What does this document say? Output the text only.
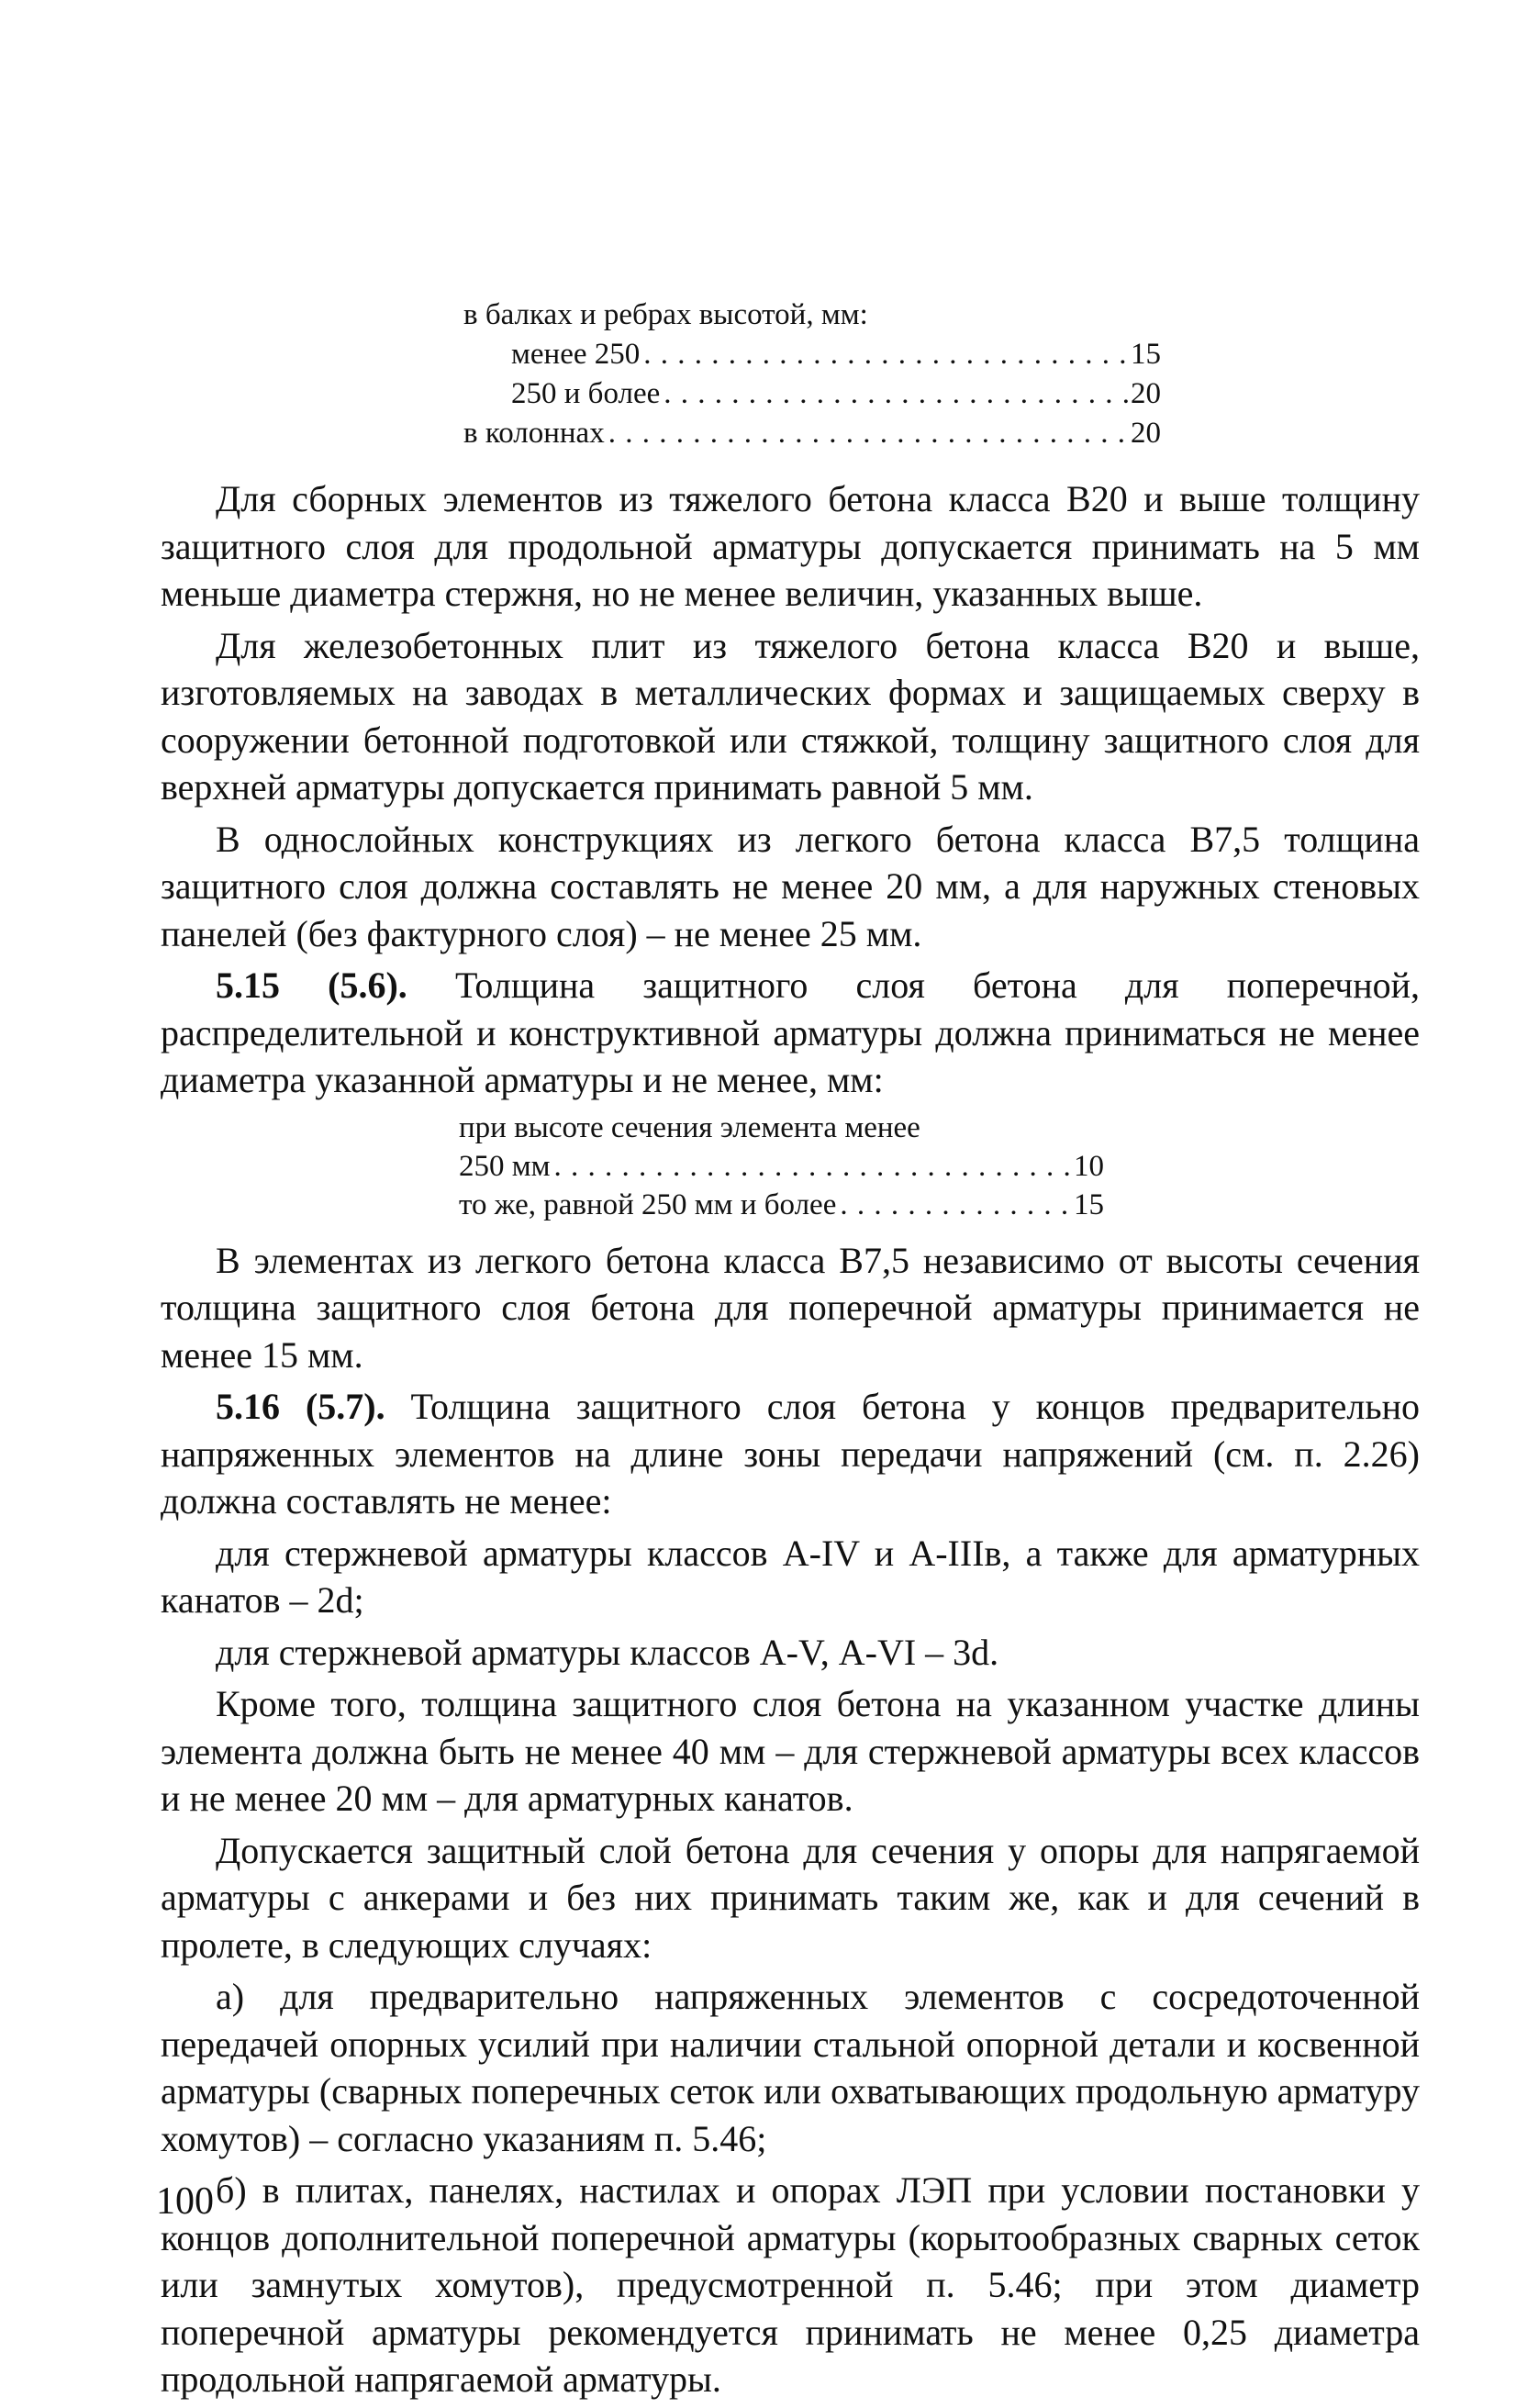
в балках и ребрах высотой, мм:
менее 250 . . .	15
250 и более . . .	20
в колоннах . . .	20

Для сборных элементов из тяжелого бетона класса В20 и выше толщину защитного слоя для продольной арматуры допускается принимать на 5 мм меньше диаметра стержня, но не менее величин, указанных выше.

Для железобетонных плит из тяжелого бетона класса В20 и выше, изготовляемых на заводах в металлических формах и защищаемых сверху в сооружении бетонной подготовкой или стяжкой, толщину защитного слоя для верхней арматуры допускается принимать равной 5 мм.

В однослойных конструкциях из легкого бетона класса В7,5 толщина защитного слоя должна составлять не менее 20 мм, а для наружных стеновых панелей (без фактурного слоя) – не менее 25 мм.

5.15 (5.6). Толщина защитного слоя бетона для поперечной, распределительной и конструктивной арматуры должна приниматься не менее диаметра указанной арматуры и не менее, мм:

при высоте сечения элемента менее
250 мм . . .	10
то же, равной 250 мм и более . . .	15

В элементах из легкого бетона класса В7,5 независимо от высоты сечения толщина защитного слоя бетона для поперечной арматуры принимается не менее 15 мм.

5.16 (5.7). Толщина защитного слоя бетона у концов предварительно напряженных элементов на длине зоны передачи напряжений (см. п. 2.26) должна составлять не менее:

для стержневой арматуры классов А-IV и А-IIIв, а также для арматурных канатов – 2d;

для стержневой арматуры классов А-V, А-VI – 3d.

Кроме того, толщина защитного слоя бетона на указанном участке длины элемента должна быть не менее 40 мм – для стержневой арматуры всех классов и не менее 20 мм – для арматурных канатов.

Допускается защитный слой бетона для сечения у опоры для напрягаемой арматуры с анкерами и без них принимать таким же, как и для сечений в пролете, в следующих случаях:

а) для предварительно напряженных элементов с сосредоточенной передачей опорных усилий при наличии стальной опорной детали и косвенной арматуры (сварных поперечных сеток или охватывающих продольную арматуру хомутов) – согласно указаниям п. 5.46;

б) в плитах, панелях, настилах и опорах ЛЭП при условии постановки у концов дополнительной поперечной арматуры (корытообразных сварных сеток или замнутых хомутов), предусмотренной п. 5.46; при этом диаметр поперечной арматуры рекомендуется принимать не менее 0,25 диаметра продольной напрягаемой арматуры.

100
